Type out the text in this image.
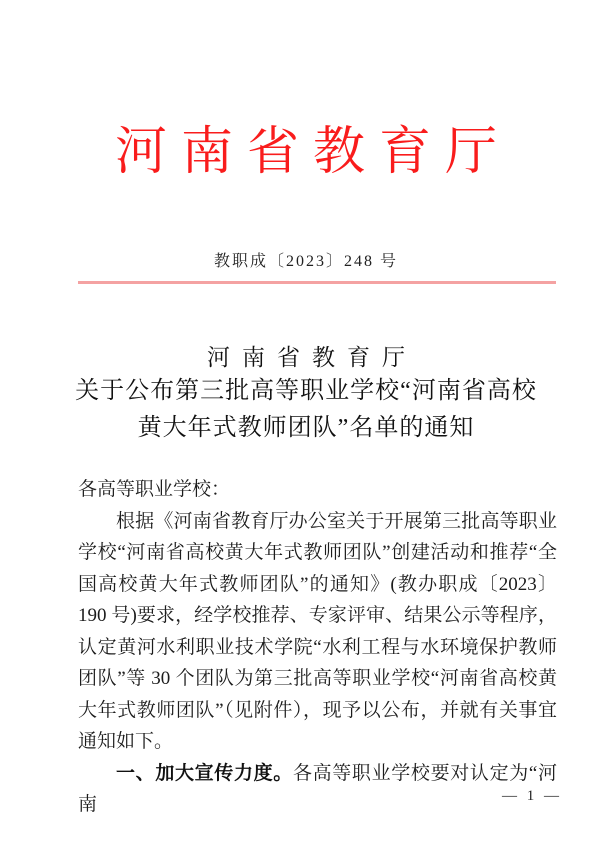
河南省教育厅
教职成〔2023〕248 号
河南省教育厅
关于公布第三批高等职业学校“河南省高校
黄大年式教师团队”名单的通知

各高等职业学校：

根据《河南省教育厅办公室关于开展第三批高等职业学校“河南省高校黄大年式教师团队”创建活动和推荐“全国高校黄大年式教师团队”的通知》(教办职成〔2023〕190 号)要求，经学校推荐、专家评审、结果公示等程序，认定黄河水利职业技术学院“水利工程与水环境保护教师团队”等 30 个团队为第三批高等职业学校“河南省高校黄大年式教师团队”（见附件），现予以公布，并就有关事宜通知如下。

一、加大宣传力度。各高等职业学校要对认定为“河南	— 1 —
